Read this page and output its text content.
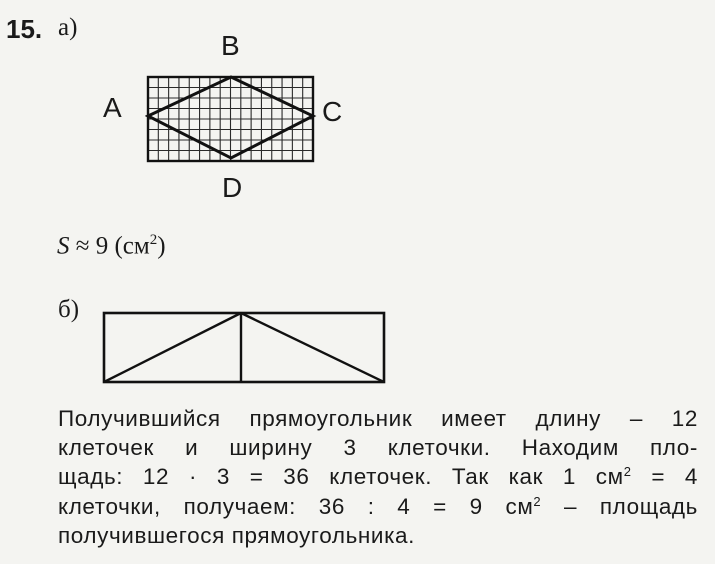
15. а)
B
A	C
D
S ≈ 9 $(см^2)$
б)
Получившийся прямоугольник имеет длину – 12
клеточек и ширину 3 клеточки. Находим пло-
щадь: 12 · 3 = 36 клеточек. Так как 1 $см^2 = 4$
клеточки, получаем: 36 : 4 = 9 $см^2$ – площадь
получившегося прямоугольника.
